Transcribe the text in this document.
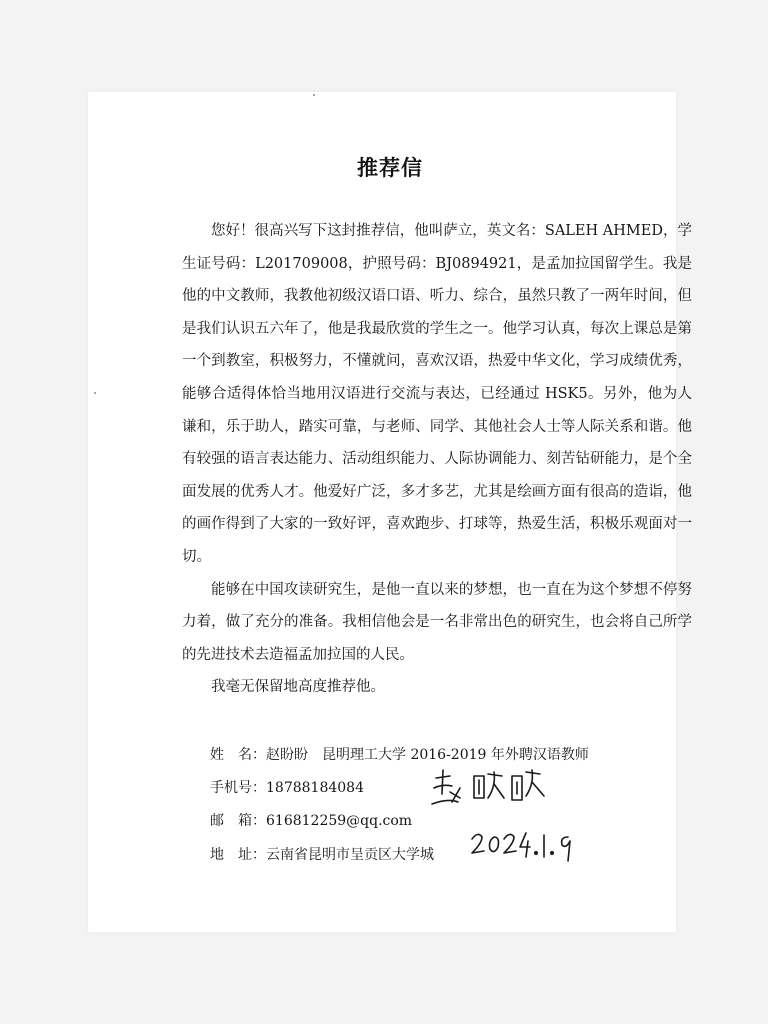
推荐信

您好！很高兴写下这封推荐信，他叫萨立，英文名：SALEH AHMED，学生证号码：L201709008，护照号码：BJ0894921，是孟加拉国留学生。我是他的中文教师，我教他初级汉语口语、听力、综合，虽然只教了一两年时间，但是我们认识五六年了，他是我最欣赏的学生之一。他学习认真，每次上课总是第一个到教室，积极努力，不懂就问，喜欢汉语，热爱中华文化，学习成绩优秀，能够合适得体恰当地用汉语进行交流与表达，已经通过 HSK5。另外，他为人谦和，乐于助人，踏实可靠，与老师、同学、其他社会人士等人际关系和谐。他有较强的语言表达能力、活动组织能力、人际协调能力、刻苦钻研能力，是个全面发展的优秀人才。他爱好广泛，多才多艺，尤其是绘画方面有很高的造诣，他的画作得到了大家的一致好评，喜欢跑步、打球等，热爱生活，积极乐观面对一切。

能够在中国攻读研究生，是他一直以来的梦想，也一直在为这个梦想不停努力着，做了充分的准备。我相信他会是一名非常出色的研究生，也会将自己所学的先进技术去造福孟加拉国的人民。

我毫无保留地高度推荐他。

姓　名：赵盼盼　昆明理工大学 2016-2019 年外聘汉语教师
手机号：18788184084
邮　箱：616812259@qq.com
地　址：云南省昆明市呈贡区大学城
